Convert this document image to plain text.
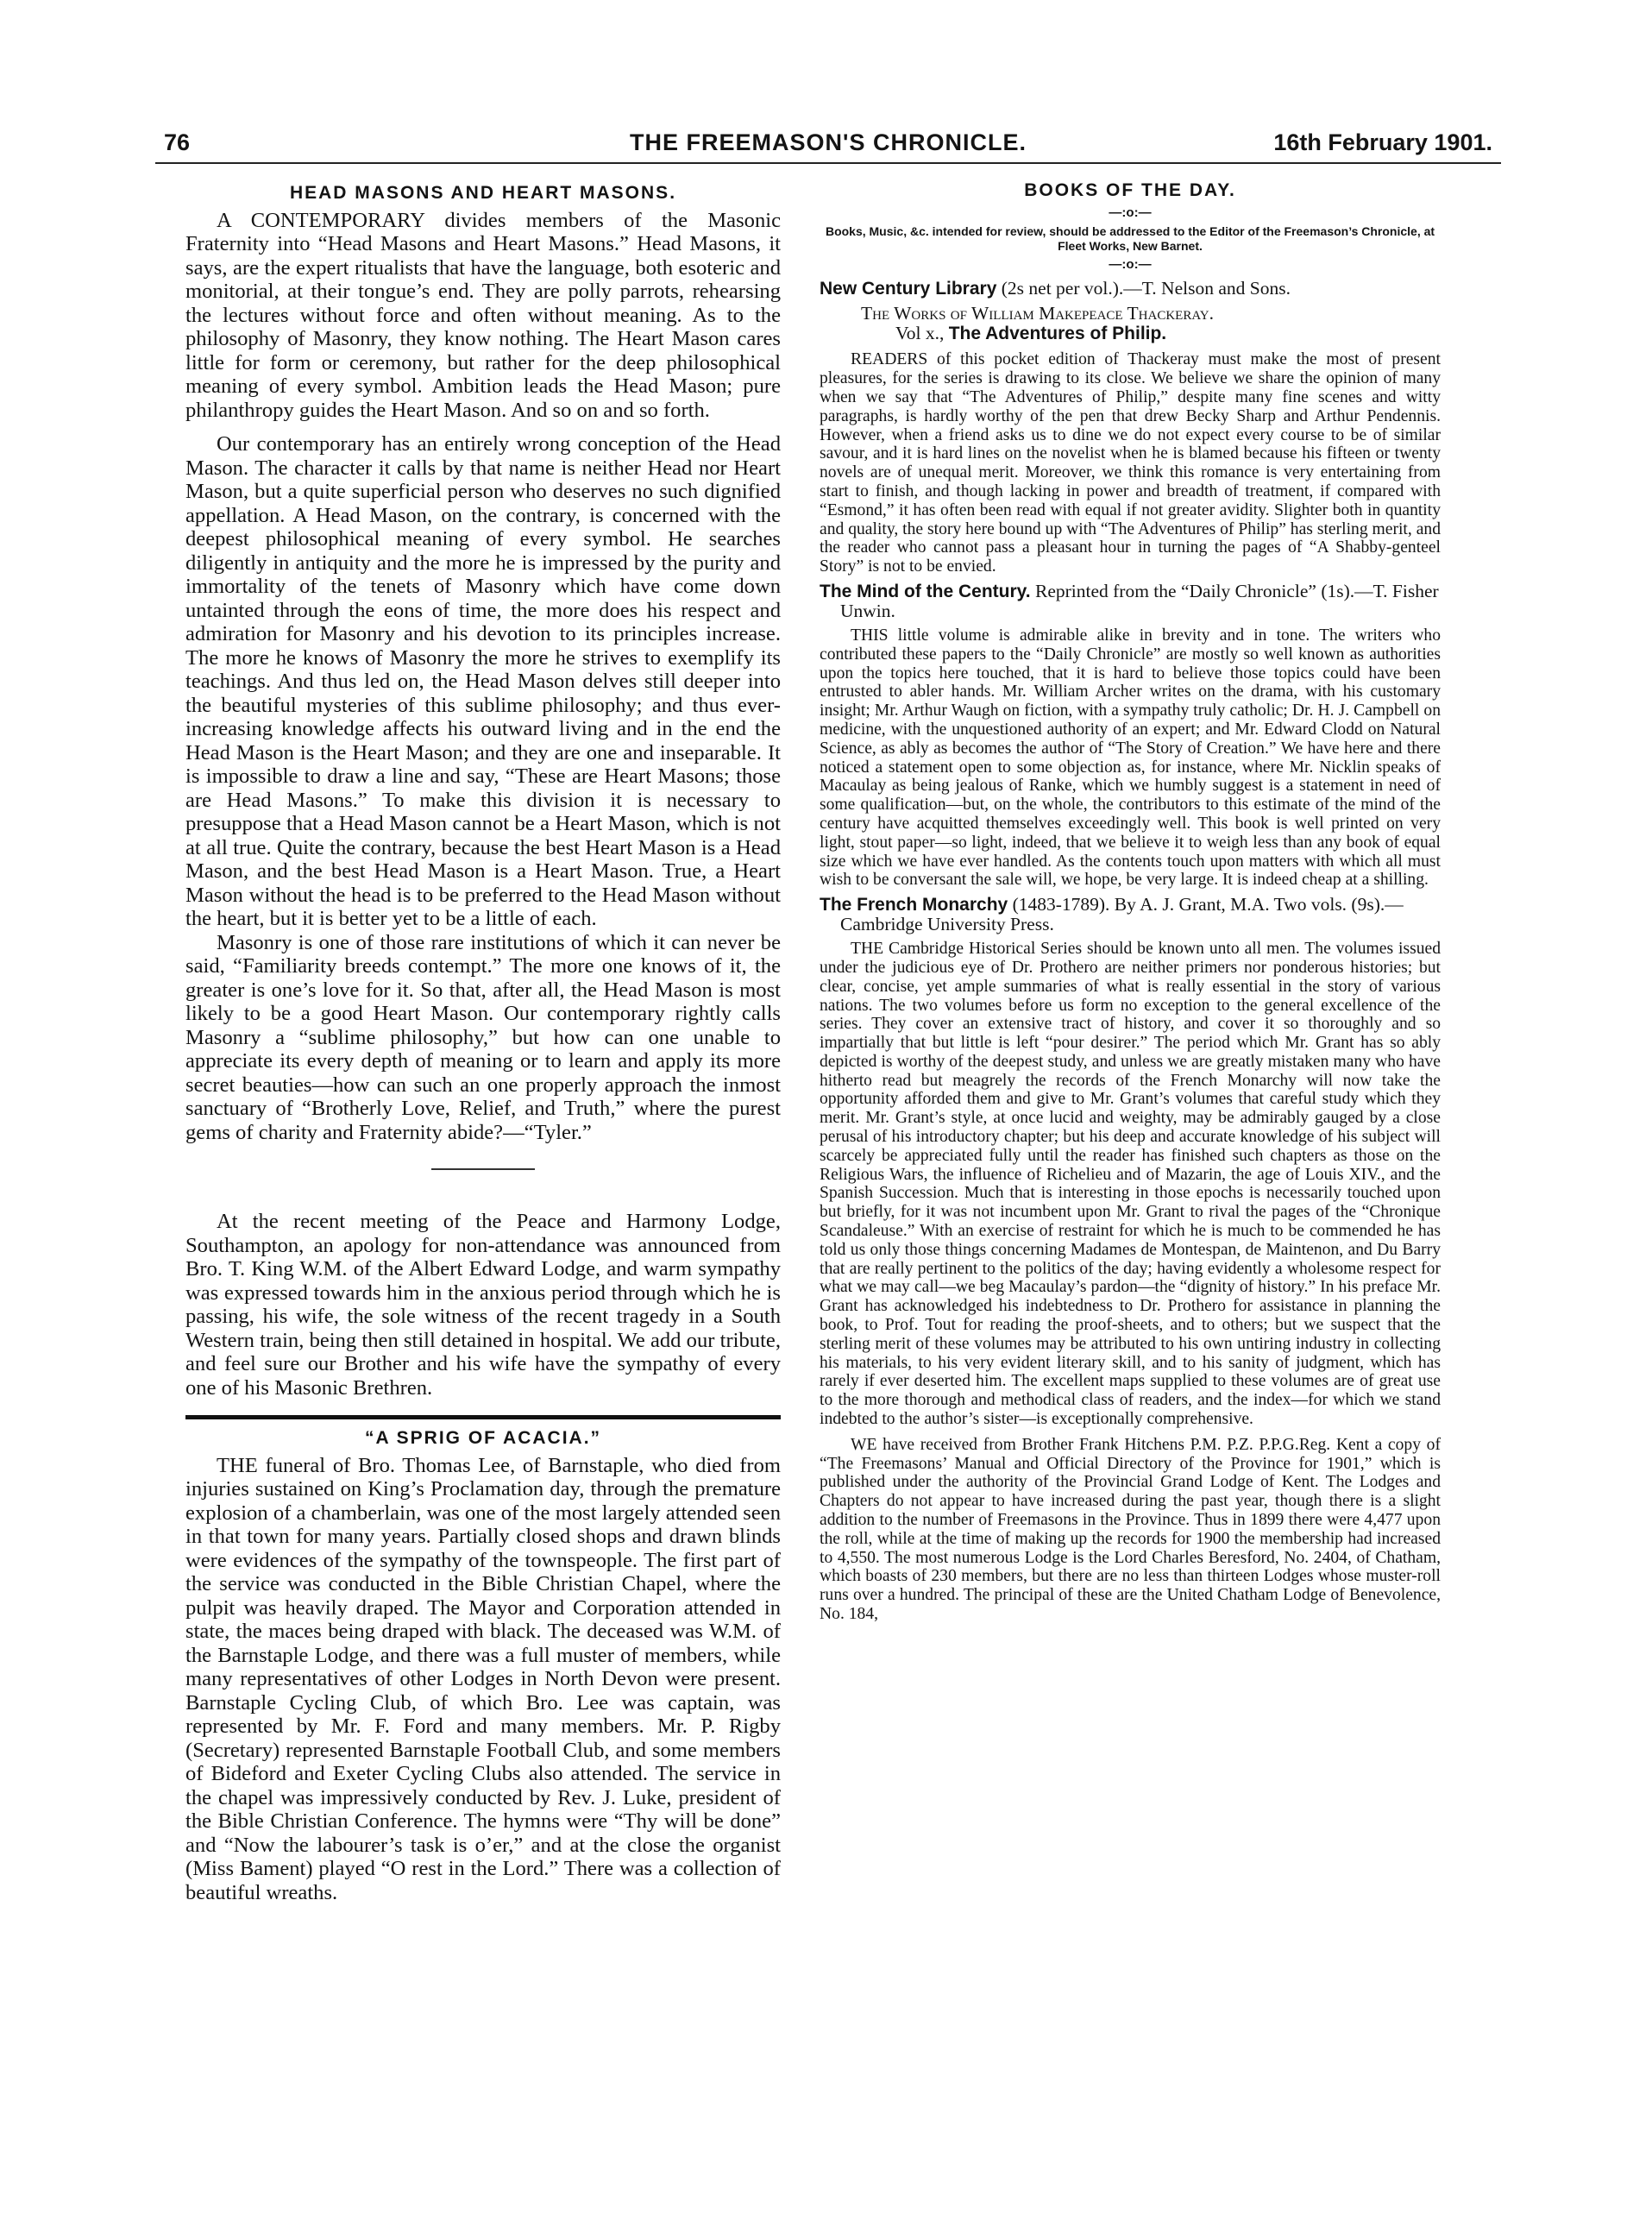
76	THE FREEMASON'S CHRONICLE.	16th February 1901.
HEAD MASONS AND HEART MASONS.

A CONTEMPORARY divides members of the Masonic Fraternity into “Head Masons and Heart Masons.” Head Masons, it says, are the expert ritualists that have the language, both esoteric and monitorial, at their tongue’s end. They are polly parrots, rehearsing the lectures without force and often without meaning. As to the philosophy of Masonry, they know nothing. The Heart Mason cares little for form or ceremony, but rather for the deep philosophical meaning of every symbol. Ambition leads the Head Mason; pure philanthropy guides the Heart Mason. And so on and so forth.

Our contemporary has an entirely wrong conception of the Head Mason. The character it calls by that name is neither Head nor Heart Mason, but a quite superficial person who deserves no such dignified appellation. A Head Mason, on the contrary, is concerned with the deepest philosophical meaning of every symbol. He searches diligently in antiquity and the more he is impressed by the purity and immortality of the tenets of Masonry which have come down untainted through the eons of time, the more does his respect and admiration for Masonry and his devotion to its principles increase. The more he knows of Masonry the more he strives to exemplify its teachings. And thus led on, the Head Mason delves still deeper into the beautiful mysteries of this sublime philosophy; and thus ever-increasing knowledge affects his outward living and in the end the Head Mason is the Heart Mason; and they are one and inseparable. It is impossible to draw a line and say, “These are Heart Masons; those are Head Masons.” To make this division it is necessary to presuppose that a Head Mason cannot be a Heart Mason, which is not at all true. Quite the contrary, because the best Heart Mason is a Head Mason, and the best Head Mason is a Heart Mason. True, a Heart Mason without the head is to be preferred to the Head Mason without the heart, but it is better yet to be a little of each.

Masonry is one of those rare institutions of which it can never be said, “Familiarity breeds contempt.” The more one knows of it, the greater is one’s love for it. So that, after all, the Head Mason is most likely to be a good Heart Mason. Our contemporary rightly calls Masonry a “sublime philosophy,” but how can one unable to appreciate its every depth of meaning or to learn and apply its more secret beauties—how can such an one properly approach the inmost sanctuary of “Brotherly Love, Relief, and Truth,” where the purest gems of charity and Fraternity abide?—“Tyler.”

At the recent meeting of the Peace and Harmony Lodge, Southampton, an apology for non-attendance was announced from Bro. T. King W.M. of the Albert Edward Lodge, and warm sympathy was expressed towards him in the anxious period through which he is passing, his wife, the sole witness of the recent tragedy in a South Western train, being then still detained in hospital. We add our tribute, and feel sure our Brother and his wife have the sympathy of every one of his Masonic Brethren.

“A SPRIG OF ACACIA.”

THE funeral of Bro. Thomas Lee, of Barnstaple, who died from injuries sustained on King’s Proclamation day, through the premature explosion of a chamberlain, was one of the most largely attended seen in that town for many years. Partially closed shops and drawn blinds were evidences of the sympathy of the townspeople. The first part of the service was conducted in the Bible Christian Chapel, where the pulpit was heavily draped. The Mayor and Corporation attended in state, the maces being draped with black. The deceased was W.M. of the Barnstaple Lodge, and there was a full muster of members, while many representatives of other Lodges in North Devon were present. Barnstaple Cycling Club, of which Bro. Lee was captain, was represented by Mr. F. Ford and many members. Mr. P. Rigby (Secretary) represented Barnstaple Football Club, and some members of Bideford and Exeter Cycling Clubs also attended. The service in the chapel was impressively conducted by Rev. J. Luke, president of the Bible Christian Conference. The hymns were “Thy will be done” and “Now the labourer’s task is o’er,” and at the close the organist (Miss Bament) played “O rest in the Lord.” There was a collection of beautiful wreaths.

BOOKS OF THE DAY.
—:o:—
Books, Music, &c. intended for review, should be addressed to the Editor of the Freemason’s Chronicle, at Fleet Works, New Barnet.
—:o:—
New Century Library (2s net per vol.).—T. Nelson and Sons.
The Works of William Makepeace Thackeray.
Vol x., The Adventures of Philip.

READERS of this pocket edition of Thackeray must make the most of present pleasures, for the series is drawing to its close. We believe we share the opinion of many when we say that “The Adventures of Philip,” despite many fine scenes and witty paragraphs, is hardly worthy of the pen that drew Becky Sharp and Arthur Pendennis. However, when a friend asks us to dine we do not expect every course to be of similar savour, and it is hard lines on the novelist when he is blamed because his fifteen or twenty novels are of unequal merit. Moreover, we think this romance is very entertaining from start to finish, and though lacking in power and breadth of treatment, if compared with “Esmond,” it has often been read with equal if not greater avidity. Slighter both in quantity and quality, the story here bound up with “The Adventures of Philip” has sterling merit, and the reader who cannot pass a pleasant hour in turning the pages of “A Shabby-genteel Story” is not to be envied.

The Mind of the Century. Reprinted from the “Daily Chronicle” (1s).—T. Fisher Unwin.

THIS little volume is admirable alike in brevity and in tone. The writers who contributed these papers to the “Daily Chronicle” are mostly so well known as authorities upon the topics here touched, that it is hard to believe those topics could have been entrusted to abler hands. Mr. William Archer writes on the drama, with his customary insight; Mr. Arthur Waugh on fiction, with a sympathy truly catholic; Dr. H. J. Campbell on medicine, with the unquestioned authority of an expert; and Mr. Edward Clodd on Natural Science, as ably as becomes the author of “The Story of Creation.” We have here and there noticed a statement open to some objection as, for instance, where Mr. Nicklin speaks of Macaulay as being jealous of Ranke, which we humbly suggest is a statement in need of some qualification—but, on the whole, the contributors to this estimate of the mind of the century have acquitted themselves exceedingly well. This book is well printed on very light, stout paper—so light, indeed, that we believe it to weigh less than any book of equal size which we have ever handled. As the contents touch upon matters with which all must wish to be conversant the sale will, we hope, be very large. It is indeed cheap at a shilling.

The French Monarchy (1483-1789). By A. J. Grant, M.A. Two vols. (9s).—Cambridge University Press.

THE Cambridge Historical Series should be known unto all men. The volumes issued under the judicious eye of Dr. Prothero are neither primers nor ponderous histories; but clear, concise, yet ample summaries of what is really essential in the story of various nations. The two volumes before us form no exception to the general excellence of the series. They cover an extensive tract of history, and cover it so thoroughly and so impartially that but little is left “pour desirer.” The period which Mr. Grant has so ably depicted is worthy of the deepest study, and unless we are greatly mistaken many who have hitherto read but meagrely the records of the French Monarchy will now take the opportunity afforded them and give to Mr. Grant’s volumes that careful study which they merit. Mr. Grant’s style, at once lucid and weighty, may be admirably gauged by a close perusal of his introductory chapter; but his deep and accurate knowledge of his subject will scarcely be appreciated fully until the reader has finished such chapters as those on the Religious Wars, the influence of Richelieu and of Mazarin, the age of Louis XIV., and the Spanish Succession. Much that is interesting in those epochs is necessarily touched upon but briefly, for it was not incumbent upon Mr. Grant to rival the pages of the “Chronique Scandaleuse.” With an exercise of restraint for which he is much to be commended he has told us only those things concerning Madames de Montespan, de Maintenon, and Du Barry that are really pertinent to the politics of the day; having evidently a wholesome respect for what we may call—we beg Macaulay’s pardon—the “dignity of history.” In his preface Mr. Grant has acknowledged his indebtedness to Dr. Prothero for assistance in planning the book, to Prof. Tout for reading the proof-sheets, and to others; but we suspect that the sterling merit of these volumes may be attributed to his own untiring industry in collecting his materials, to his very evident literary skill, and to his sanity of judgment, which has rarely if ever deserted him. The excellent maps supplied to these volumes are of great use to the more thorough and methodical class of readers, and the index—for which we stand indebted to the author’s sister—is exceptionally comprehensive.

WE have received from Brother Frank Hitchens P.M. P.Z. P.P.G.Reg. Kent a copy of “The Freemasons’ Manual and Official Directory of the Province for 1901,” which is published under the authority of the Provincial Grand Lodge of Kent. The Lodges and Chapters do not appear to have increased during the past year, though there is a slight addition to the number of Freemasons in the Province. Thus in 1899 there were 4,477 upon the roll, while at the time of making up the records for 1900 the membership had increased to 4,550. The most numerous Lodge is the Lord Charles Beresford, No. 2404, of Chatham, which boasts of 230 members, but there are no less than thirteen Lodges whose muster-roll runs over a hundred. The principal of these are the United Chatham Lodge of Benevolence, No. 184,
